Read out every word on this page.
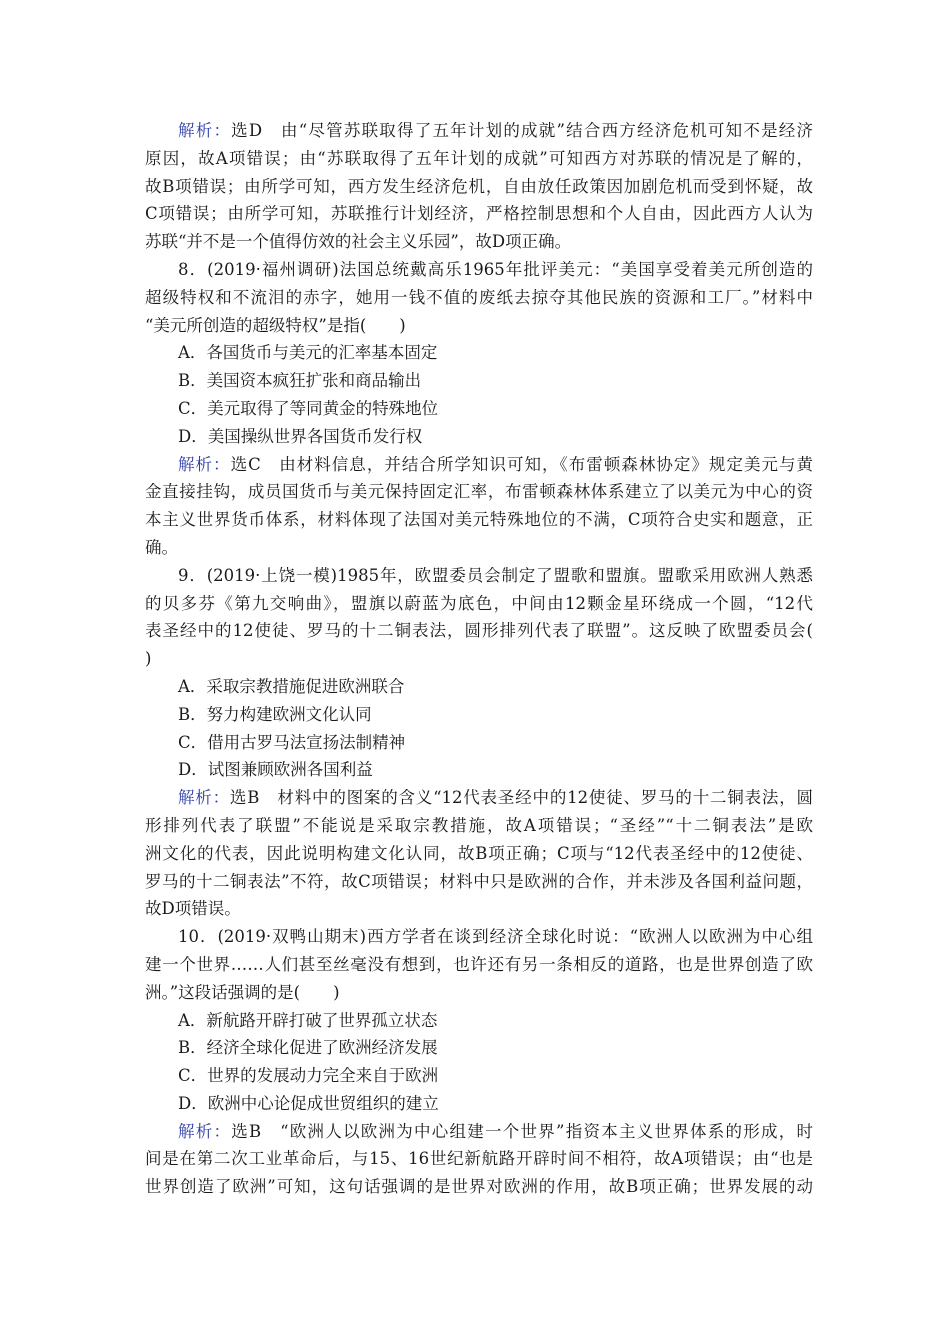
解析：选D　由“尽管苏联取得了五年计划的成就”结合西方经济危机可知不是经济
原因，故A项错误；由“苏联取得了五年计划的成就”可知西方对苏联的情况是了解的，
故B项错误；由所学可知，西方发生经济危机，自由放任政策因加剧危机而受到怀疑，故
C项错误；由所学可知，苏联推行计划经济，严格控制思想和个人自由，因此西方人认为
苏联“并不是一个值得仿效的社会主义乐园”，故D项正确。
8．(2019·福州调研)法国总统戴高乐1965年批评美元：“美国享受着美元所创造的
超级特权和不流泪的赤字，她用一钱不值的废纸去掠夺其他民族的资源和工厂。”材料中
“美元所创造的超级特权”是指(　　)
A．各国货币与美元的汇率基本固定
B．美国资本疯狂扩张和商品输出
C．美元取得了等同黄金的特殊地位
D．美国操纵世界各国货币发行权
解析：选C　由材料信息，并结合所学知识可知，《布雷顿森林协定》规定美元与黄
金直接挂钩，成员国货币与美元保持固定汇率，布雷顿森林体系建立了以美元为中心的资
本主义世界货币体系，材料体现了法国对美元特殊地位的不满，C项符合史实和题意，正
确。
9．(2019·上饶一模)1985年，欧盟委员会制定了盟歌和盟旗。盟歌采用欧洲人熟悉
的贝多芬《第九交响曲》，盟旗以蔚蓝为底色，中间由12颗金星环绕成一个圆，“12代
表圣经中的12使徒、罗马的十二铜表法，圆形排列代表了联盟”。这反映了欧盟委员会(
)
A．采取宗教措施促进欧洲联合
B．努力构建欧洲文化认同
C．借用古罗马法宣扬法制精神
D．试图兼顾欧洲各国利益
解析：选B　材料中的图案的含义“12代表圣经中的12使徒、罗马的十二铜表法，圆
形排列代表了联盟”不能说是采取宗教措施，故A项错误；“圣经”“十二铜表法”是欧
洲文化的代表，因此说明构建文化认同，故B项正确；C项与“12代表圣经中的12使徒、
罗马的十二铜表法”不符，故C项错误；材料中只是欧洲的合作，并未涉及各国利益问题，
故D项错误。
10．(2019·双鸭山期末)西方学者在谈到经济全球化时说：“欧洲人以欧洲为中心组
建一个世界……人们甚至丝毫没有想到，也许还有另一条相反的道路，也是世界创造了欧
洲。”这段话强调的是(　　)
A．新航路开辟打破了世界孤立状态
B．经济全球化促进了欧洲经济发展
C．世界的发展动力完全来自于欧洲
D．欧洲中心论促成世贸组织的建立
解析：选B　“欧洲人以欧洲为中心组建一个世界”指资本主义世界体系的形成，时
间是在第二次工业革命后，与15、16世纪新航路开辟时间不相符，故A项错误；由“也是
世界创造了欧洲”可知，这句话强调的是世界对欧洲的作用，故B项正确；世界发展的动
